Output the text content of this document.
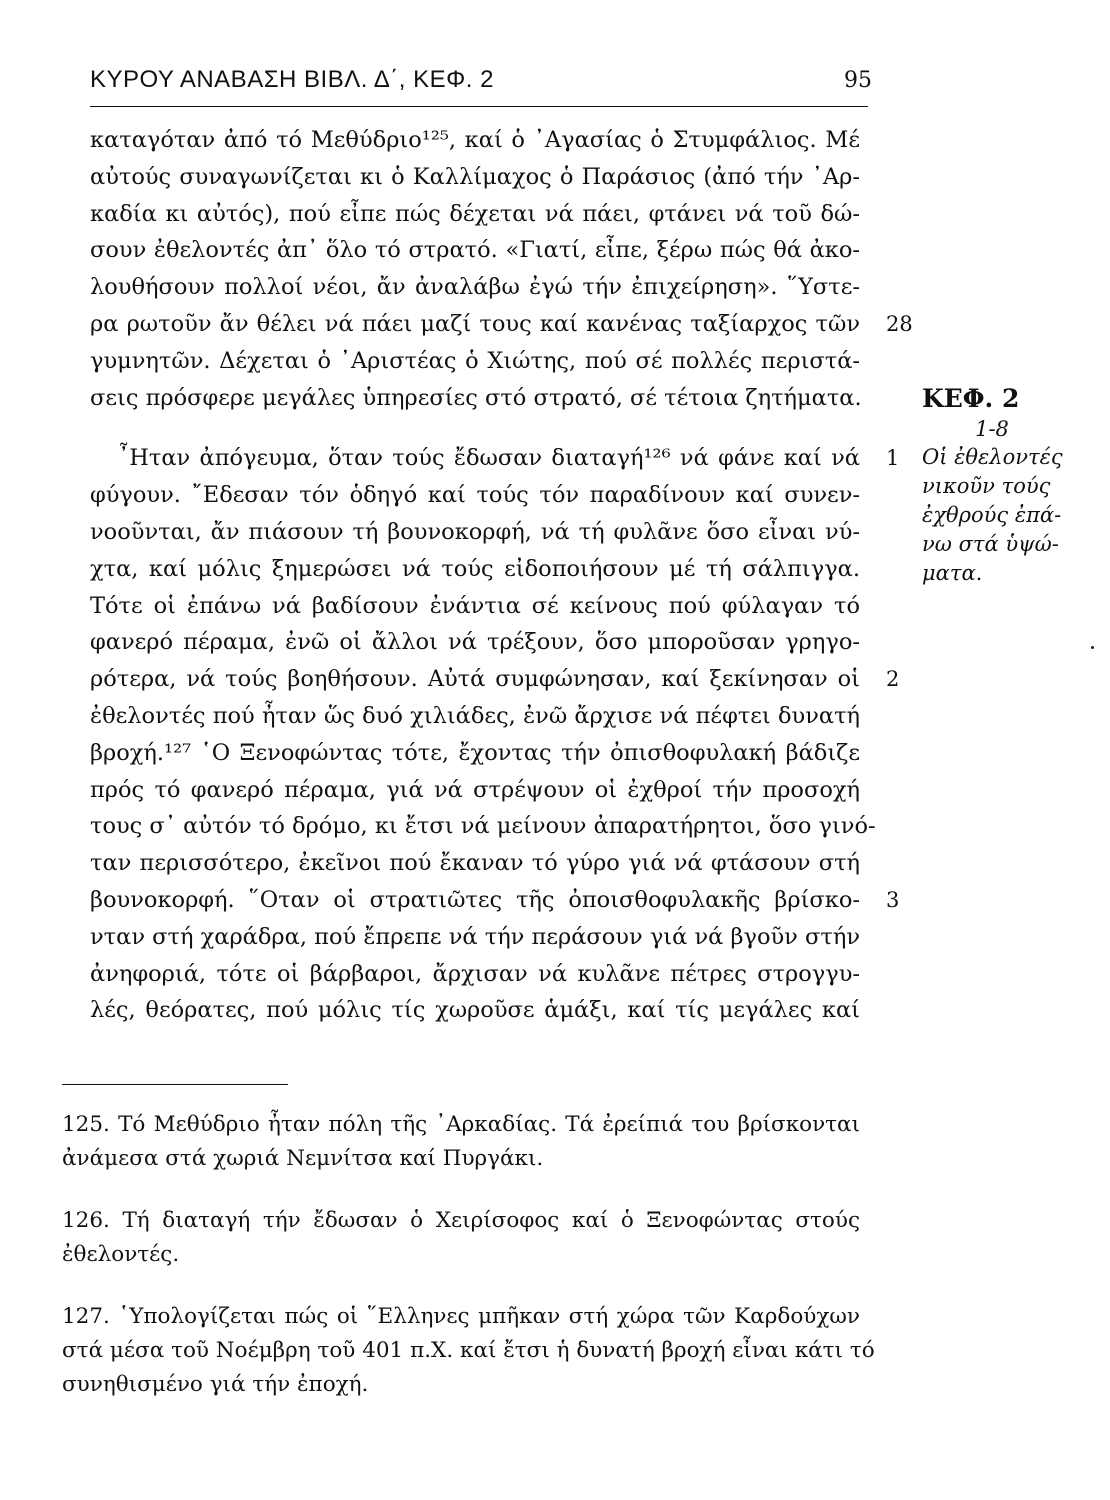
ΚΥΡΟΥ ΑΝΑΒΑΣΗ ΒΙΒΛ. Δ΄, ΚΕΦ. 2	95
καταγόταν ἀπό τό Μεθύδριο¹²⁵, καί ὁ ᾿Αγασίας ὁ Στυμφάλιος. Μέ
αὐτούς συναγωνίζεται κι ὁ Καλλίμαχος ὁ Παράσιος (ἀπό τήν ᾿Αρ-
καδία κι αὐτός), πού εἶπε πώς δέχεται νά πάει, φτάνει νά τοῦ δώ-
σουν ἐθελοντές ἀπ᾿ ὅλο τό στρατό. «Γιατί, εἶπε, ξέρω πώς θά ἀκο-
λουθήσουν πολλοί νέοι, ἄν ἀναλάβω ἐγώ τήν ἐπιχείρηση». ῞Υστε-
ρα ρωτοῦν ἄν θέλει νά πάει μαζί τους καί κανένας ταξίαρχος τῶν
γυμνητῶν. Δέχεται ὁ ᾿Αριστέας ὁ Χιώτης, πού σέ πολλές περιστά-
σεις πρόσφερε μεγάλες ὑπηρεσίες στό στρατό, σέ τέτοια ζητήματα.
῏Ηταν ἀπόγευμα, ὅταν τούς ἔδωσαν διαταγή¹²⁶ νά φάνε καί νά
φύγουν. ῎Εδεσαν τόν ὁδηγό καί τούς τόν παραδίνουν καί συνεν-
νοοῦνται, ἄν πιάσουν τή βουνοκορφή, νά τή φυλᾶνε ὅσο εἶναι νύ-
χτα, καί μόλις ξημερώσει νά τούς εἰδοποιήσουν μέ τή σάλπιγγα.
Τότε οἱ ἐπάνω νά βαδίσουν ἐνάντια σέ κείνους πού φύλαγαν τό
φανερό πέραμα, ἐνῶ οἱ ἄλλοι νά τρέξουν, ὅσο μποροῦσαν γρηγο-
ρότερα, νά τούς βοηθήσουν. Αὐτά συμφώνησαν, καί ξεκίνησαν οἱ
ἐθελοντές πού ἦταν ὥς δυό χιλιάδες, ἐνῶ ἄρχισε νά πέφτει δυνατή
βροχή.¹²⁷ ῾Ο Ξενοφώντας τότε, ἔχοντας τήν ὀπισθοφυλακή βάδιζε
πρός τό φανερό πέραμα, γιά νά στρέψουν οἱ ἐχθροί τήν προσοχή
τους σ᾿ αὐτόν τό δρόμο, κι ἔτσι νά μείνουν ἀπαρατήρητοι, ὅσο γινό-
ταν περισσότερο, ἐκεῖνοι πού ἔκαναν τό γύρο γιά νά φτάσουν στή
βουνοκορφή. ῞Οταν οἱ στρατιῶτες τῆς ὀποισθοφυλακῆς βρίσκο-
νταν στή χαράδρα, πού ἔπρεπε νά τήν περάσουν γιά νά βγοῦν στήν
ἀνηφοριά, τότε οἱ βάρβαροι, ἄρχισαν νά κυλᾶνε πέτρες στρογγυ-
λές, θεόρατες, πού μόλις τίς χωροῦσε ἁμάξι, καί τίς μεγάλες καί
28
1
2
3
ΚΕΦ. 2
1-8
Οἱ ἐθελοντές
νικοῦν τούς
ἐχθρούς ἐπά-
νω στά ὑψώ-
ματα.
125. Τό Μεθύδριο ἦταν πόλη τῆς ᾿Αρκαδίας. Τά ἐρείπιά του βρίσκονται
ἀνάμεσα στά χωριά Νεμνίτσα καί Πυργάκι.
126. Τή διαταγή τήν ἔδωσαν ὁ Χειρίσοφος καί ὁ Ξενοφώντας στούς
ἐθελοντές.
127. ῾Υπολογίζεται πώς οἱ ῞Ελληνες μπῆκαν στή χώρα τῶν Καρδούχων
στά μέσα τοῦ Νοέμβρη τοῦ 401 π.Χ. καί ἔτσι ἡ δυνατή βροχή εἶναι κάτι τό
συνηθισμένο γιά τήν ἐποχή.
